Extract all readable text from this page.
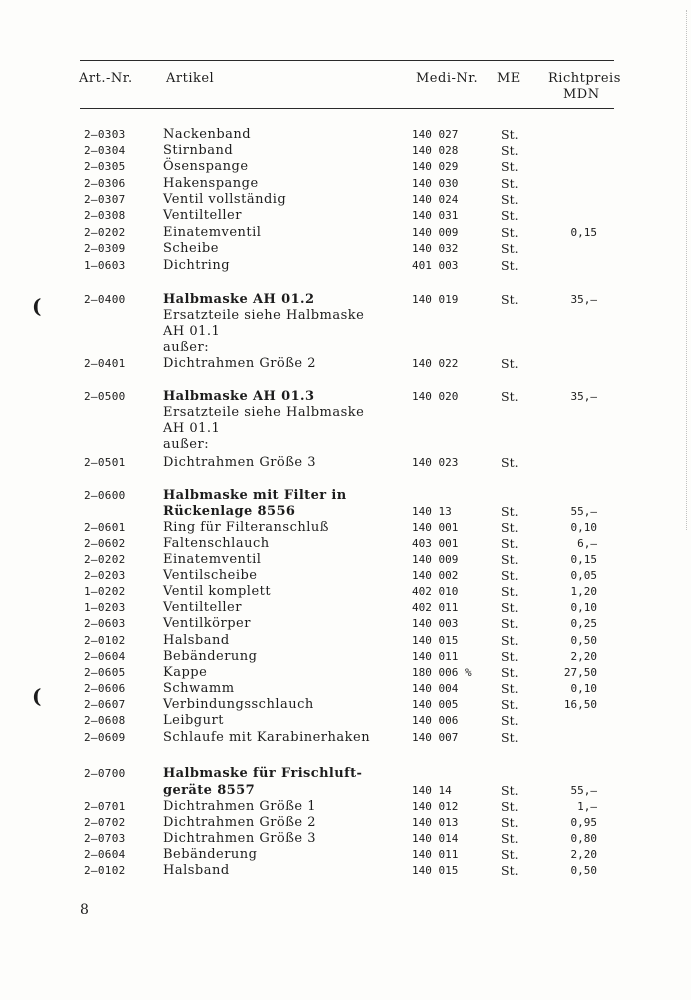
Art.-Nr.	Artikel	Medi-Nr. ME Richtpreis
MDN
2—0303	Nackenband	140 027	St.
2—0304	Stirnband	140 028	St.
2—0305	Ösenspange	140 029	St.
2—0306	Hakenspange	140 030	St.
2—0307	Ventil vollständig	140 024	St.
2—0308	Ventilteller	140 031	St.
2—0202	Einatemventil	140 009	St.	0,15
2—0309	Scheibe	140 032	St.
1—0603	Dichtring	401 003	St.
2—0400	Halbmaske AH 01.2	140 019	St.	35,—
Ersatzteile siehe Halbmaske
AH 01.1
außer:
2—0401	Dichtrahmen Größe 2	140 022	St.
2—0500	Halbmaske AH 01.3	140 020	St.	35,—
Ersatzteile siehe Halbmaske
AH 01.1
außer:
2—0501	Dichtrahmen Größe 3	140 023	St.
2—0600	Halbmaske mit Filter in
Rückenlage 8556	140 13	St.	55,—
2—0601	Ring für Filteranschluß	140 001	St.	0,10
2—0602	Faltenschlauch	403 001	St.	6,—
2—0202	Einatemventil	140 009	St.	0,15
2—0203	Ventilscheibe	140 002	St.	0,05
1—0202	Ventil komplett	402 010	St.	1,20
1—0203	Ventilteller	402 011	St.	0,10
2—0603	Ventilkörper	140 003	St.	0,25
2—0102	Halsband	140 015	St.	0,50
2—0604	Bebänderung	140 011	St.	2,20
2—0605	Kappe	180 006 % St.	27,50
2—0606	Schwamm	140 004	St.	0,10
2—0607	Verbindungsschlauch	140 005	St.	16,50
2—0608	Leibgurt	140 006	St.
2—0609	Schlaufe mit Karabinerhaken	140 007	St.
2—0700	Halbmaske für Frischluft-
geräte 8557	140 14	St.	55,—
2—0701	Dichtrahmen Größe 1	140 012	St.	1,—
2—0702	Dichtrahmen Größe 2	140 013	St.	0,95
2—0703	Dichtrahmen Größe 3	140 014	St.	0,80
2—0604	Bebänderung	140 011	St.	2,20
2—0102	Halsband	140 015	St.	0,50
(
(
8
